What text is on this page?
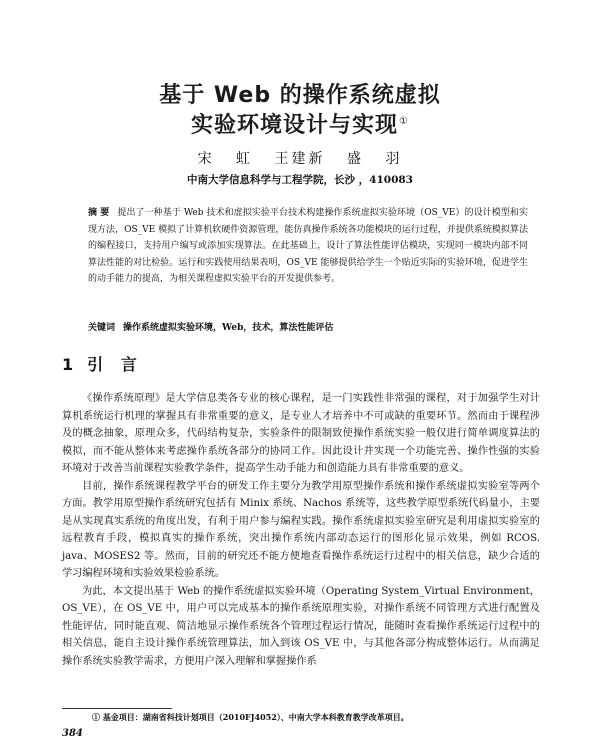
基于 Web 的操作系统虚拟
实验环境设计与实现①
宋 虹 王建新 盛 羽
中南大学信息科学与工程学院，长沙 ，410083
摘 要 提出了一种基于 Web 技术和虚拟实验平台技术构建操作系统虚拟实验环境（OS_VE）的设计模型和实现方法，OS_VE 模拟了计算机软硬件资源管理，能仿真操作系统各功能模块的运行过程，并提供系统模拟算法的编程接口，支持用户编写或添加实现算法。在此基础上，设计了算法性能评估模块，实现同一模块内部不同算法性能的对比检验。运行和实践使用结果表明，OS_VE 能够提供给学生一个贴近实际的实验环境，促进学生的动手能力的提高，为相关课程虚拟实验平台的开发提供参考。
关键词 操作系统虚拟实验环境，Web，技术，算法性能评估
1 引 言

《操作系统原理》是大学信息类各专业的核心课程，是一门实践性非常强的课程，对于加强学生对计算机系统运行机理的掌握具有非常重要的意义，是专业人才培养中不可或缺的重要环节。然而由于课程涉及的概念抽象，原理众多，代码结构复杂，实验条件的限制致使操作系统实验一般仅进行简单调度算法的模拟，而不能从整体来考虑操作系统各部分的协同工作。因此设计并实现一个功能完善、操作性强的实验环境对于改善当前课程实验教学条件，提高学生动手能力和创造能力具有非常重要的意义。

目前，操作系统课程教学平台的研发工作主要分为教学用原型操作系统和操作系统虚拟实验室等两个方面。教学用原型操作系统研究包括有 Minix 系统、Nachos 系统等，这些教学原型系统代码量小，主要是从实现真实系统的角度出发，有利于用户参与编程实践。操作系统虚拟实验室研究是利用虚拟实验室的远程教育手段，模拟真实的操作系统，突出操作系统内部动态运行的图形化显示效果，例如 RCOS. java、MOSES2 等。然而，目前的研究还不能方便地查看操作系统运行过程中的相关信息，缺少合适的学习编程环境和实验效果检验系统。

为此，本文提出基于 Web 的操作系统虚拟实验环境（Operating System_Virtual Environment，OS_VE），在 OS_VE 中，用户可以完成基本的操作系统原理实验，对操作系统不同管理方式进行配置及性能评估，同时能直观、简洁地显示操作系统各个管理过程运行情况，能随时查看操作系统运行过程中的相关信息，能自主设计操作系统管理算法，加入到该 OS_VE 中，与其他各部分构成整体运行。从而满足操作系统实验教学需求，方便用户深入理解和掌握操作系

① 基金项目：湖南省科技计划项目（2010FJ4052）、中南大学本科教育教学改革项目。
384
